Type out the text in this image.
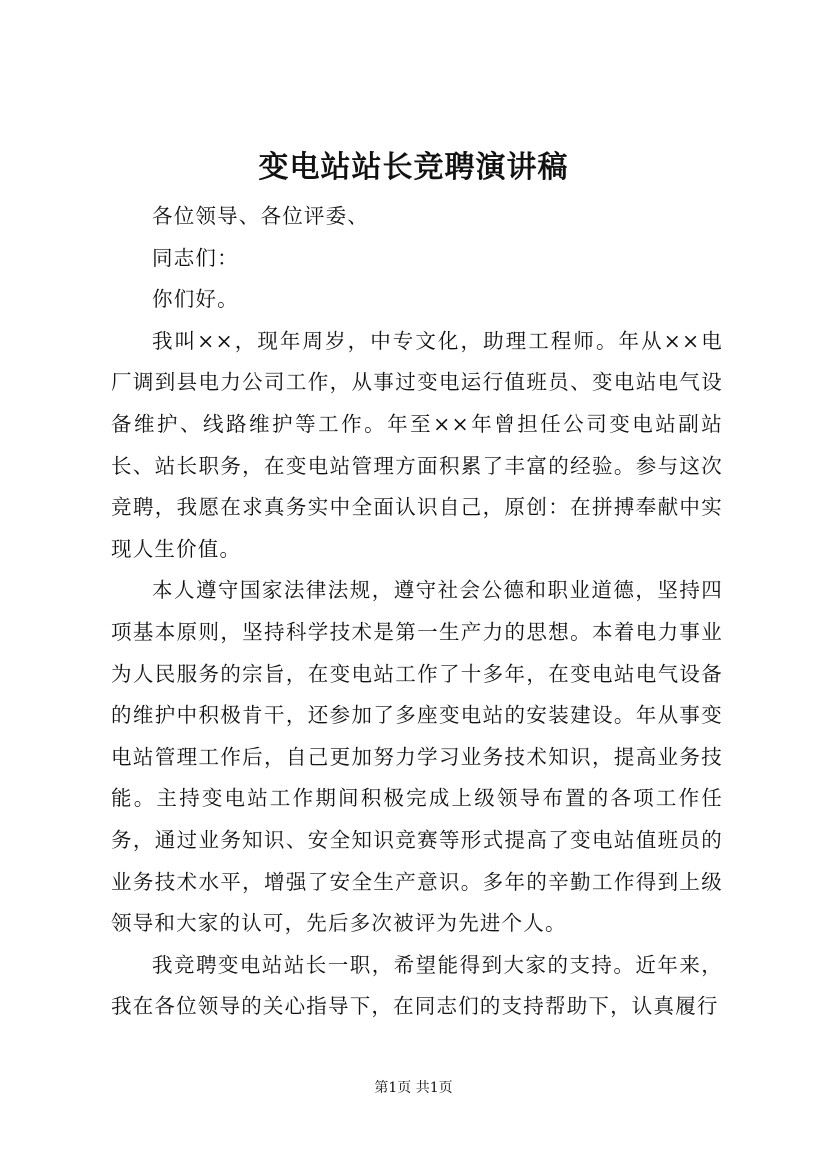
变电站站长竞聘演讲稿

各位领导、各位评委、

同志们：

你们好。

我叫××，现年周岁，中专文化，助理工程师。年从××电厂调到县电力公司工作，从事过变电运行值班员、变电站电气设备维护、线路维护等工作。年至××年曾担任公司变电站副站长、站长职务，在变电站管理方面积累了丰富的经验。参与这次竞聘，我愿在求真务实中全面认识自己，原创：在拼搏奉献中实现人生价值。

本人遵守国家法律法规，遵守社会公德和职业道德，坚持四项基本原则，坚持科学技术是第一生产力的思想。本着电力事业为人民服务的宗旨，在变电站工作了十多年，在变电站电气设备的维护中积极肯干，还参加了多座变电站的安装建设。年从事变电站管理工作后，自己更加努力学习业务技术知识，提高业务技能。主持变电站工作期间积极完成上级领导布置的各项工作任务，通过业务知识、安全知识竞赛等形式提高了变电站值班员的业务技术水平，增强了安全生产意识。多年的辛勤工作得到上级领导和大家的认可，先后多次被评为先进个人。

我竞聘变电站站长一职，希望能得到大家的支持。近年来，我在各位领导的关心指导下，在同志们的支持帮助下，认真履行

第1页 共1页
